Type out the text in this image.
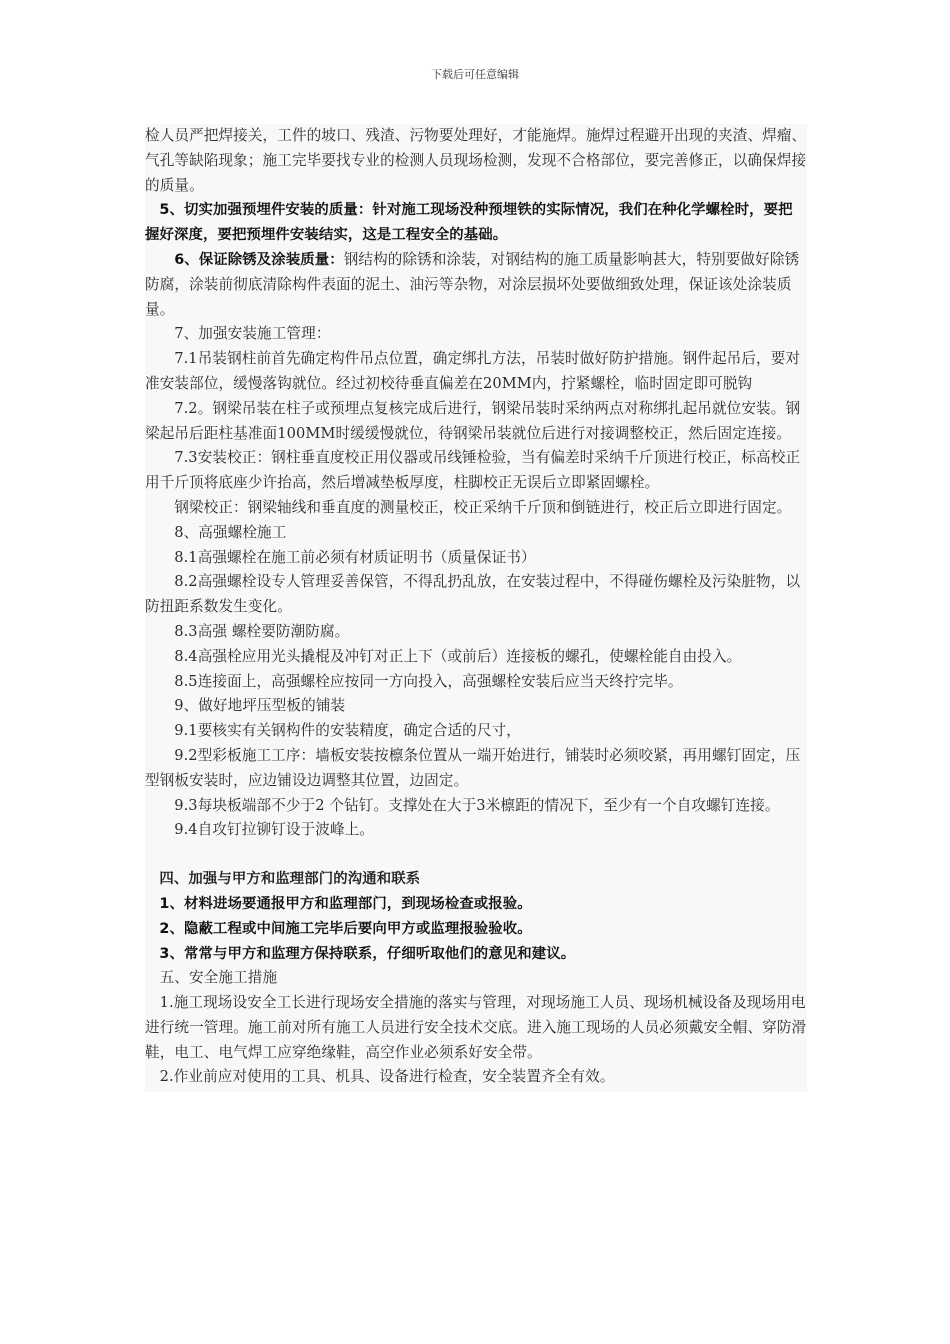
下载后可任意编辑

检人员严把焊接关，工件的坡口、残渣、污物要处理好，才能施焊。施焊过程避开出现的夹渣、焊瘤、气孔等缺陷现象；施工完毕要找专业的检测人员现场检测，发现不合格部位，要完善修正，以确保焊接的质量。

5、切实加强预埋件安装的质量：针对施工现场没种预埋铁的实际情况，我们在种化学螺栓时，要把握好深度，要把预埋件安装结实，这是工程安全的基础。

6、保证除锈及涂装质量：钢结构的除锈和涂装，对钢结构的施工质量影响甚大，特别要做好除锈防腐，涂装前彻底清除构件表面的泥土、油污等杂物，对涂层损坏处要做细致处理，保证该处涂装质量。

7、加强安装施工管理：

7.1吊装钢柱前首先确定构件吊点位置，确定绑扎方法，吊装时做好防护措施。钢件起吊后，要对准安装部位，缓慢落钩就位。经过初校待垂直偏差在20MM内，拧紧螺栓，临时固定即可脱钩

7.2。钢梁吊装在柱子或预埋点复核完成后进行，钢梁吊装时采纳两点对称绑扎起吊就位安装。钢梁起吊后距柱基准面100MM时缓缓慢就位，待钢梁吊装就位后进行对接调整校正，然后固定连接。

7.3安装校正：钢柱垂直度校正用仪器或吊线锤检验，当有偏差时采纳千斤顶进行校正，标高校正用千斤顶将底座少许抬高，然后增减垫板厚度，柱脚校正无误后立即紧固螺栓。

钢梁校正：钢梁轴线和垂直度的测量校正，校正采纳千斤顶和倒链进行，校正后立即进行固定。

8、高强螺栓施工

8.1高强螺栓在施工前必须有材质证明书（质量保证书）

8.2高强螺栓设专人管理妥善保管，不得乱扔乱放，在安装过程中，不得碰伤螺栓及污染脏物，以防扭距系数发生变化。

8.3高强 螺栓要防潮防腐。

8.4高强栓应用光头撬棍及冲钉对正上下（或前后）连接板的螺孔，使螺栓能自由投入。

8.5连接面上，高强螺栓应按同一方向投入，高强螺栓安装后应当天终拧完毕。

9、做好地坪压型板的铺装

9.1要核实有关钢构件的安装精度，确定合适的尺寸，

9.2型彩板施工工序：墙板安装按檩条位置从一端开始进行，铺装时必须咬紧，再用螺钉固定，压型钢板安装时，应边铺设边调整其位置，边固定。

9.3每块板端部不少于2 个钻钉。支撑处在大于3米檩距的情况下，至少有一个自攻螺钉连接。

9.4自攻钉拉铆钉设于波峰上。

四、加强与甲方和监理部门的沟通和联系

1、材料进场要通报甲方和监理部门，到现场检查或报验。

2、隐蔽工程或中间施工完毕后要向甲方或监理报验验收。

3、常常与甲方和监理方保持联系，仔细听取他们的意见和建议。

五、安全施工措施

1.施工现场设安全工长进行现场安全措施的落实与管理，对现场施工人员、现场机械设备及现场用电进行统一管理。施工前对所有施工人员进行安全技术交底。进入施工现场的人员必须戴安全帽、穿防滑鞋，电工、电气焊工应穿绝缘鞋，高空作业必须系好安全带。

2.作业前应对使用的工具、机具、设备进行检查，安全装置齐全有效。
